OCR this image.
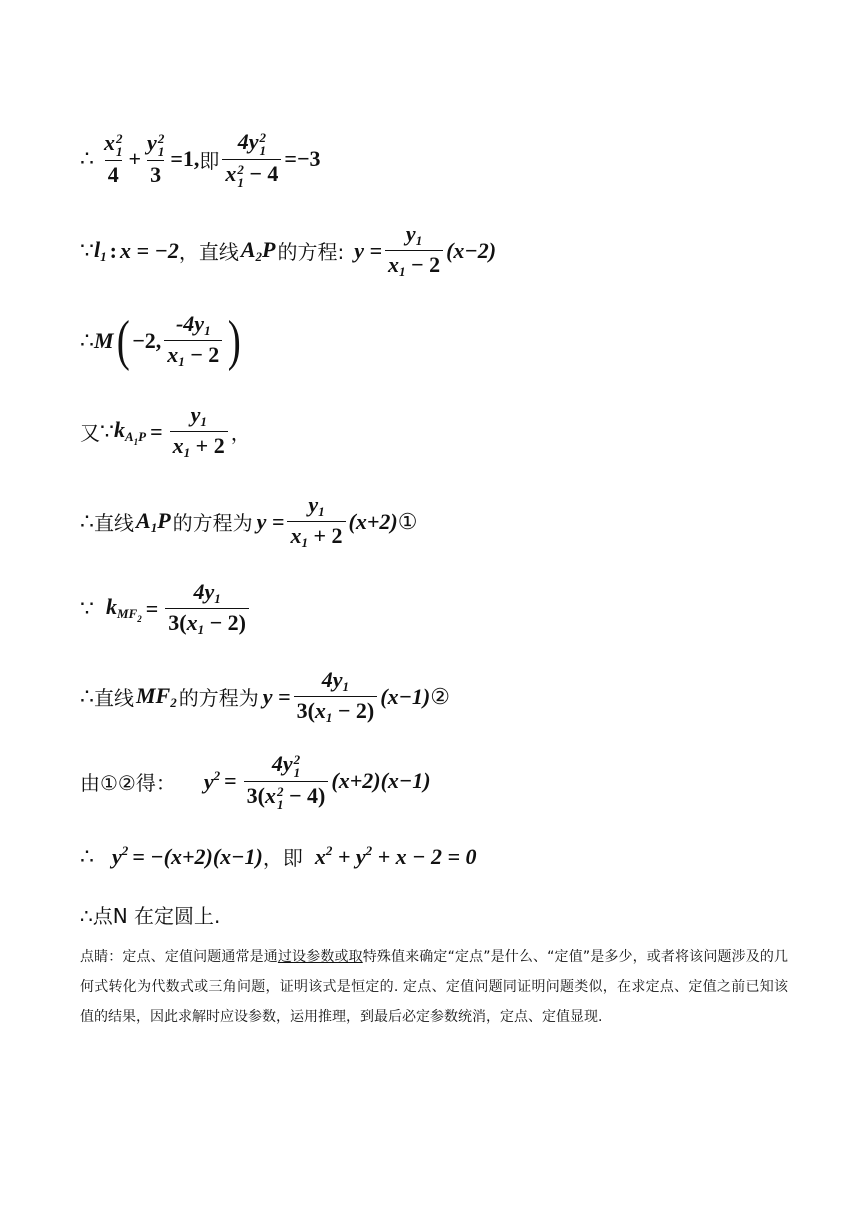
∴ x 2
1
4 + y 2
1
3 =1, 即 4y 2
1
x 2
1 − 4 =−3
∵ $l_1$ : x = −2 ， 直线 $A_2P$ 的方程: $y = \frac{y_1}{x_1 - 2} (x-2)$
∴ M ( −2, $\frac{-4y_1}{x_1 - 2}$ )
又 ∵ $k_{A_1P} = \frac{y_1}{x_1 + 2}$ ，
∴ 直线 $A_1P$ 的方程为 $y = \frac{y_1}{x_1 + 2} (x+2)$ ①
∵ $k_{MF_2} = \frac{4y_1}{3(x_1 - 2)}$
∴ 直线 $MF_2$ 的方程为 $y = \frac{4y_1}{3(x_1 - 2)} (x-1)$ ②
由①②得： $y^2 = 4y$ 2
1
3(x 2
1 − 4) (x+2)(x−1)
∴ $y^2 = -(x+2)(x-1)$ ， 即 $x^2 + y^2 + x - 2 = 0$
∴点N 在定圆上.
点睛：定点、定值问题通常是通过设参数或取特殊值来确定“定点”是什么、“定值”是多少，或者将该问题涉及的几何式转化为代数式或三角问题，证明该式是恒定的. 定点、定值问题同证明问题类似，在求定点、定值之前已知该值的结果，因此求解时应设参数，运用推理，到最后必定参数统消，定点、定值显现.
